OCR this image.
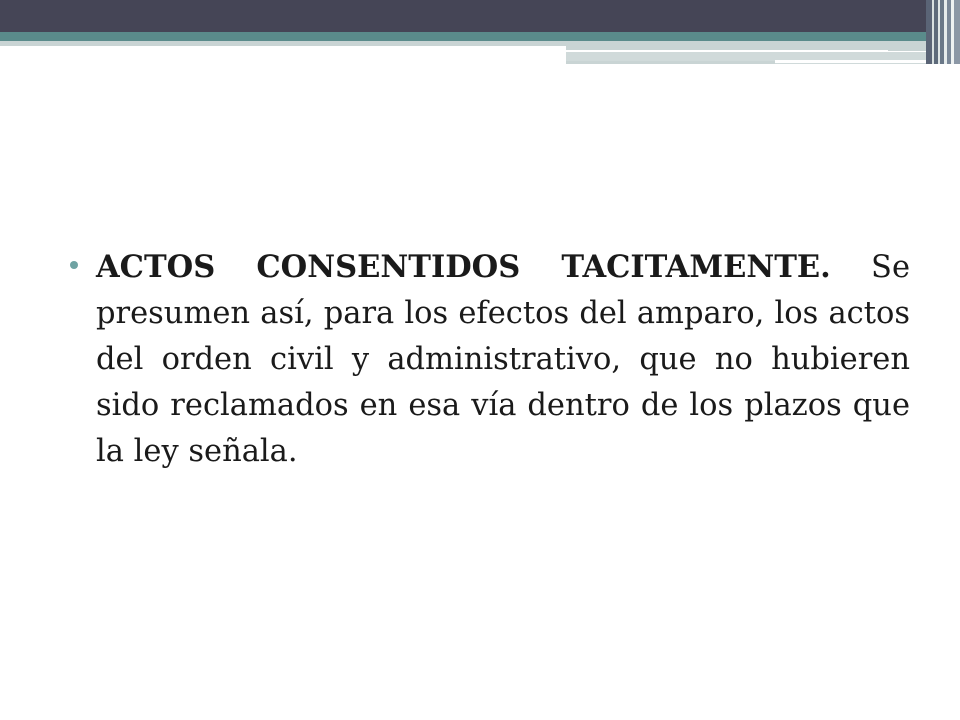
ACTOS CONSENTIDOS TACITAMENTE. Se presumen así, para los efectos del amparo, los actos del orden civil y administrativo, que no hubieren sido reclamados en esa vía dentro de los plazos que la ley señala.
